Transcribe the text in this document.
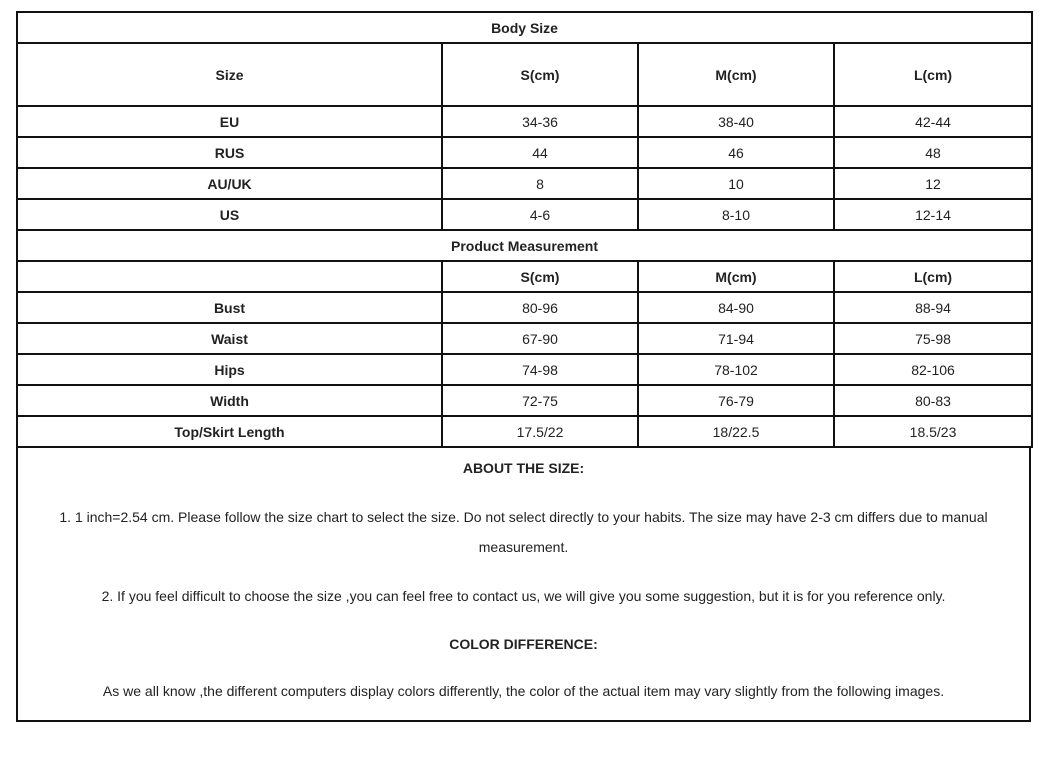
Body Size			
Size	S(cm)	M(cm)	L(cm)
EU	34-36	38-40	42-44
RUS	44	46	48
AU/UK	8	10	12
US	4-6	8-10	12-14
Product Measurement			
	S(cm)	M(cm)	L(cm)
Bust	80-96	84-90	88-94
Waist	67-90	71-94	75-98
Hips	74-98	78-102	82-106
Width	72-75	76-79	80-83
Top/Skirt Length	17.5/22	18/22.5	18.5/23
ABOUT THE SIZE:
1. 1 inch=2.54 cm. Please follow the size chart to select the size. Do not select directly to your habits. The size may have 2-3 cm differs due to manual
measurement.
2. If you feel difficult to choose the size ,you can feel free to contact us, we will give you some suggestion, but it is for you reference only.
COLOR DIFFERENCE:
As we all know ,the different computers display colors differently, the color of the actual item may vary slightly from the following images.
